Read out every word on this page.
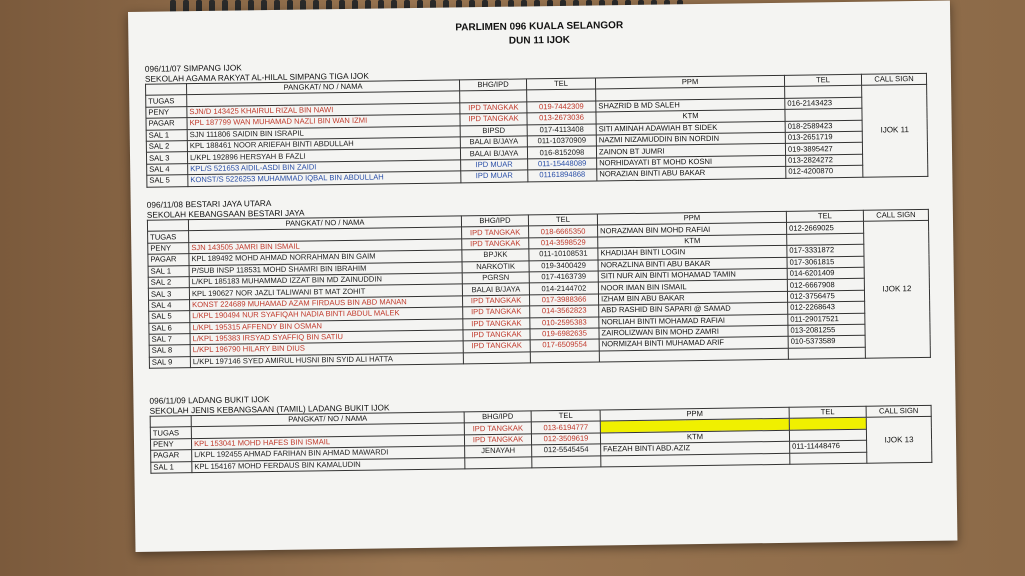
PARLIMEN 096 KUALA SELANGOR
DUN 11 IJOK
096/11/07 SIMPANG IJOK
SEKOLAH AGAMA RAKYAT AL-HILAL SIMPANG TIGA IJOK
	PANGKAT/ NO / NAMA	BHG/IPD	TEL	PPM	TEL	CALL SIGN
TUGAS						IJOK 11
PENY	SJN/D 143425 KHAIRUL RIZAL BIN NAWI	IPD TANGKAK	019-7442309	SHAZRID B MD SALEH	016-2143423	
PAGAR	KPL 187799 WAN MUHAMAD NAZLI BIN WAN IZMI	IPD TANGKAK	013-2673036	KTM		
SAL 1	SJN 111806 SAIDIN BIN ISRAPIL	BIPSD	017-4113408	SITI AMINAH ADAWIAH BT SIDEK	018-2589423	
SAL 2	KPL 188461 NOOR ARIEFAH BINTI ABDULLAH	BALAI B/JAYA	011-10370909	NAZMI NIZAMUDDIN BIN NORDIN	013-2651719	
SAL 3	L/KPL 192896 HERSYAH B FAZLI	BALAI B/JAYA	016-8152098	ZAINON BT JUMRI	019-3895427	
SAL 4	KPL/S 521653 AIDIL-ASDI BIN ZAIDI	IPD MUAR	011-15448089	NORHIDAYATI BT MOHD KOSNI	013-2824272	
SAL 5	KONST/S 5226253 MUHAMMAD IQBAL BIN ABDULLAH	IPD MUAR	01161894868	NORAZIAN BINTI ABU BAKAR	012-4200870	
096/11/08 BESTARI JAYA UTARA
SEKOLAH KEBANGSAAN BESTARI JAYA
	PANGKAT/ NO / NAMA	BHG/IPD	TEL	PPM	TEL	CALL SIGN
TUGAS		IPD TANGKAK	018-6665350	NORAZMAN BIN MOHD RAFIAI	012-2669025	IJOK 12
PENY	SJN 143505 JAMRI BIN ISMAIL	IPD TANGKAK	014-3598529	KTM		
PAGAR	KPL 189492 MOHD AHMAD NORRAHMAN BIN GAIM	BPJKK	011-10108531	KHADIJAH BINTI LOGIN	017-3331872	
SAL 1	P/SUB INSP 118531 MOHD SHAMRI BIN IBRAHIM	NARKOTIK	019-3400429	NORAZLINA BINTI ABU BAKAR	017-3061815	
SAL 2	L/KPL 185183 MUHAMMAD IZZAT BIN MD ZAINUDDIN	PGRSN	017-4163739	SITI NUR AIN BINTI MOHAMAD TAMIN	014-6201409	
SAL 3	KPL 190627 NOR JAZLI TALIWANI BT MAT ZOHIT	BALAI B/JAYA	014-2144702	NOOR IMAN BIN ISMAIL	012-6667908	
SAL 4	KONST 224689 MUHAMAD AZAM FIRDAUS BIN ABD MANAN	IPD TANGKAK	017-3988366	IZHAM BIN ABU BAKAR	012-3756475	
SAL 5	L/KPL 190494 NUR SYAFIQAH NADIA BINTI ABDUL MALEK	IPD TANGKAK	014-3562823	ABD RASHID BIN SAPARI @ SAMAD	012-2268643	
SAL 6	L/KPL 195315 AFFENDY BIN OSMAN	IPD TANGKAK	010-2595383	NORLIAH BINTI MOHAMAD RAFIAI	011-29017521	
SAL 7	L/KPL 195383 IRSYAD SYAFFIQ BIN SATIU	IPD TANGKAK	019-6982635	ZAIROLIZWAN BIN MOHD ZAMRI	013-2081255	
SAL 8	L/KPL 196790 HILARY BIN DIUS	IPD TANGKAK	017-6509554	NORMIZAH BINTI MUHAMAD ARIF	010-5373589	
SAL 9	L/KPL 197146 SYED AMIRUL HUSNI BIN SYID ALI HATTA					
096/11/09 LADANG BUKIT IJOK
SEKOLAH JENIS KEBANGSAAN (TAMIL) LADANG BUKIT IJOK
	PANGKAT/ NO / NAMA	BHG/IPD	TEL	PPM	TEL	CALL SIGN
TUGAS		IPD TANGKAK	013-6194777			IJOK 13
PENY	KPL 153041 MOHD HAFES BIN ISMAIL	IPD TANGKAK	012-3509619	KTM		
PAGAR	L/KPL 192455 AHMAD FARIHAN BIN AHMAD MAWARDI	JENAYAH	012-5545454	FAEZAH BINTI ABD.AZIZ	011-11448476	
SAL 1	KPL 154167 MOHD FERDAUS BIN KAMALUDIN					
